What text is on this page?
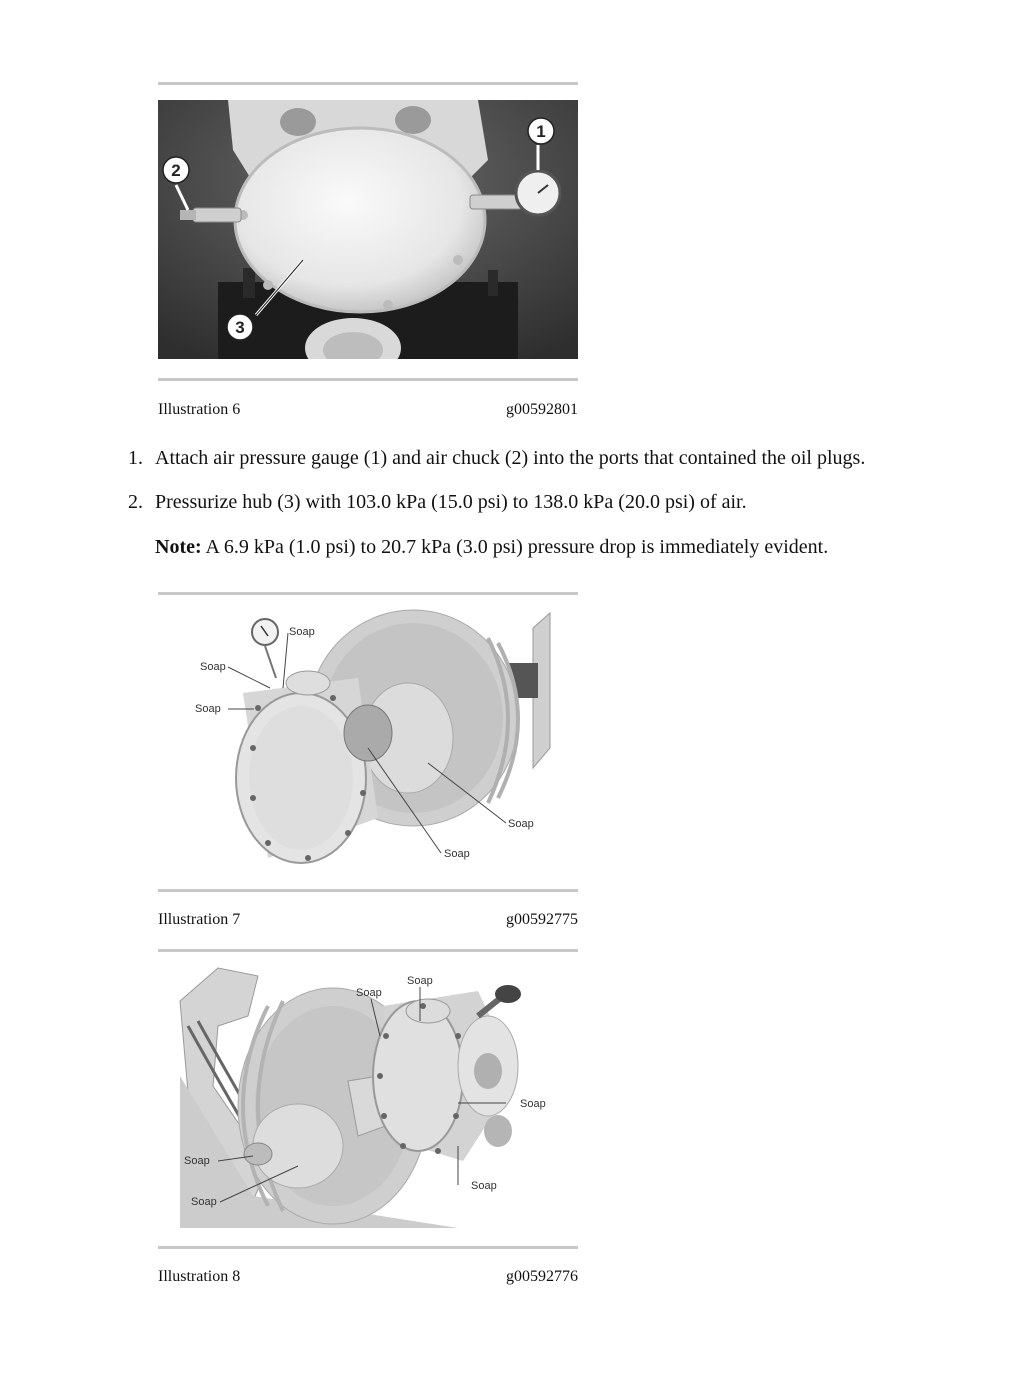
2
1
3
Illustration 6	g00592801
1. Attach air pressure gauge (1) and air chuck (2) into the ports that contained the oil plugs.
2. Pressurize hub (3) with 103.0 kPa (15.0 psi) to 138.0 kPa (20.0 psi) of air.
Note: A 6.9 kPa (1.0 psi) to 20.7 kPa (3.0 psi) pressure drop is immediately evident.
Soap
Soap
Soap
Soap
Soap
Illustration 7	g00592775
Soap
Soap
Soap
Soap
Soap
Soap
Illustration 8	g00592776
